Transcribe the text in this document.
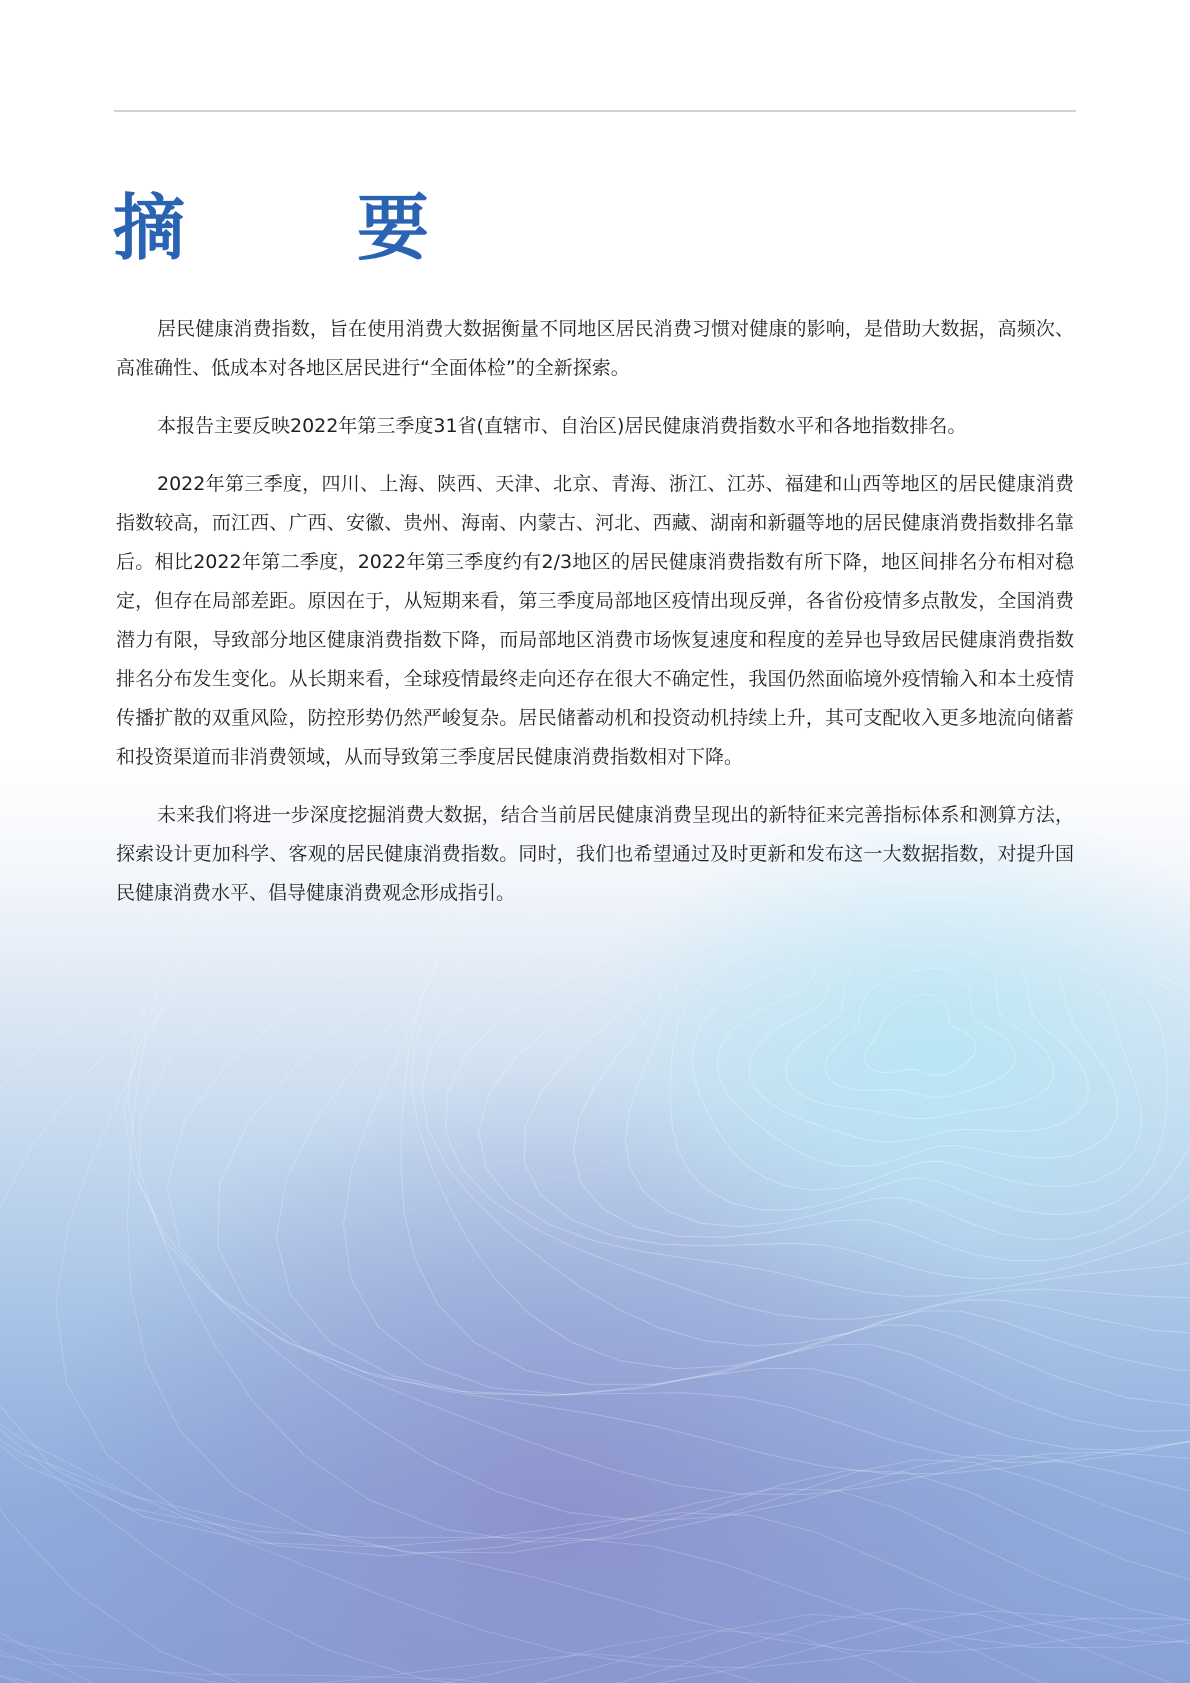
摘　要

居民健康消费指数，旨在使用消费大数据衡量不同地区居民消费习惯对健康的影响，是借助大数据，高频次、高准确性、低成本对各地区居民进行“全面体检”的全新探索。

本报告主要反映2022年第三季度31省(直辖市、自治区)居民健康消费指数水平和各地指数排名。

2022年第三季度，四川、上海、陕西、天津、北京、青海、浙江、江苏、福建和山西等地区的居民健康消费指数较高，而江西、广西、安徽、贵州、海南、内蒙古、河北、西藏、湖南和新疆等地的居民健康消费指数排名靠后。相比2022年第二季度，2022年第三季度约有2/3地区的居民健康消费指数有所下降，地区间排名分布相对稳定，但存在局部差距。原因在于，从短期来看，第三季度局部地区疫情出现反弹，各省份疫情多点散发，全国消费潜力有限，导致部分地区健康消费指数下降，而局部地区消费市场恢复速度和程度的差异也导致居民健康消费指数排名分布发生变化。从长期来看，全球疫情最终走向还存在很大不确定性，我国仍然面临境外疫情输入和本土疫情传播扩散的双重风险，防控形势仍然严峻复杂。居民储蓄动机和投资动机持续上升，其可支配收入更多地流向储蓄和投资渠道而非消费领域，从而导致第三季度居民健康消费指数相对下降。

未来我们将进一步深度挖掘消费大数据，结合当前居民健康消费呈现出的新特征来完善指标体系和测算方法，探索设计更加科学、客观的居民健康消费指数。同时，我们也希望通过及时更新和发布这一大数据指数，对提升国民健康消费水平、倡导健康消费观念形成指引。
